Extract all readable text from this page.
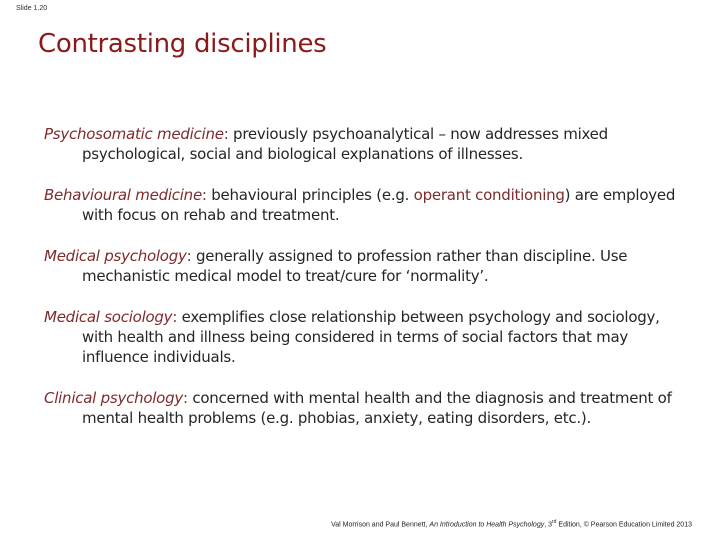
Slide 1.20
Contrasting disciplines

Psychosomatic medicine: previously psychoanalytical – now addresses mixed psychological, social and biological explanations of illnesses.

Behavioural medicine: behavioural principles (e.g. operant conditioning) are employed with focus on rehab and treatment.

Medical psychology: generally assigned to profession rather than discipline. Use mechanistic medical model to treat/cure for ‘normality’.

Medical sociology: exemplifies close relationship between psychology and sociology, with health and illness being considered in terms of social factors that may influence individuals.

Clinical psychology: concerned with mental health and the diagnosis and treatment of mental health problems (e.g. phobias, anxiety, eating disorders, etc.).

Val Morrison and Paul Bennett, An Introduction to Health Psychology, 3rd Edition, © Pearson Education Limited 2013
